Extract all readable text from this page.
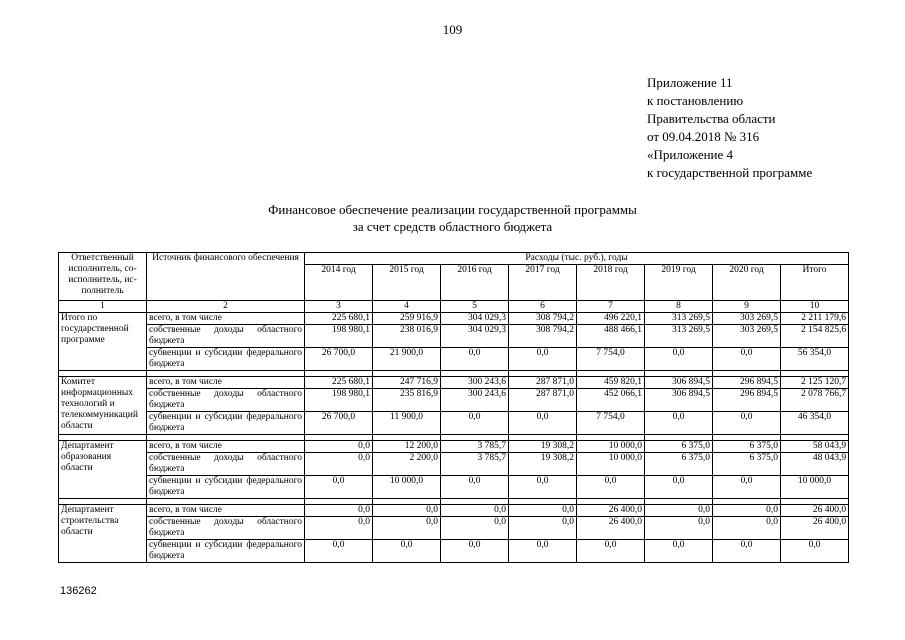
109
Приложение 11
к постановлению
Правительства области
от 09.04.2018 № 316
«Приложение 4
к государственной программе
Финансовое обеспечение реализации государственной программы
за счет средств областного бюджета
Ответственный исполнитель, со- исполнитель, ис- полнитель	Источник финансового обеспечения	Расходы (тыс. руб.), годы							
		2014 год	2015 год	2016 год	2017 год	2018 год	2019 год	2020 год	Итого
1	2	3	4	5	6	7	8	9	10
Итого по государственной программе	всего, в том числе	225 680,1	259 916,9	304 029,3	308 794,2	496 220,1	313 269,5	303 269,5	2 211 179,6
	собственные доходы областного бюджета	198 980,1	238 016,9	304 029,3	308 794,2	488 466,1	313 269,5	303 269,5	2 154 825,6
	субвенции и субсидии федерального бюджета	26 700,0	21 900,0	0,0	0,0	7 754,0	0,0	0,0	56 354,0

Комитет информационных технологий и телекоммуникаций области	всего, в том числе	225 680,1	247 716,9	300 243,6	287 871,0	459 820,1	306 894,5	296 894,5	2 125 120,7
	собственные доходы областного бюджета	198 980,1	235 816,9	300 243,6	287 871,0	452 066,1	306 894,5	296 894,5	2 078 766,7
	субвенции и субсидии федерального бюджета	26 700,0	11 900,0	0,0	0,0	7 754,0	0,0	0,0	46 354,0

Департамент образования области	всего, в том числе	0,0	12 200,0	3 785,7	19 308,2	10 000,0	6 375,0	6 375,0	58 043,9
	собственные доходы областного бюджета	0,0	2 200,0	3 785,7	19 308,2	10 000,0	6 375,0	6 375,0	48 043,9
	субвенции и субсидии федерального бюджета	0,0	10 000,0	0,0	0,0	0,0	0,0	0,0	10 000,0

Департамент строительства области	всего, в том числе	0,0	0,0	0,0	0,0	26 400,0	0,0	0,0	26 400,0
	собственные доходы областного бюджета	0,0	0,0	0,0	0,0	26 400,0	0,0	0,0	26 400,0
	субвенции и субсидии федерального бюджета	0,0	0,0	0,0	0,0	0,0	0,0	0,0	0,0
136262
